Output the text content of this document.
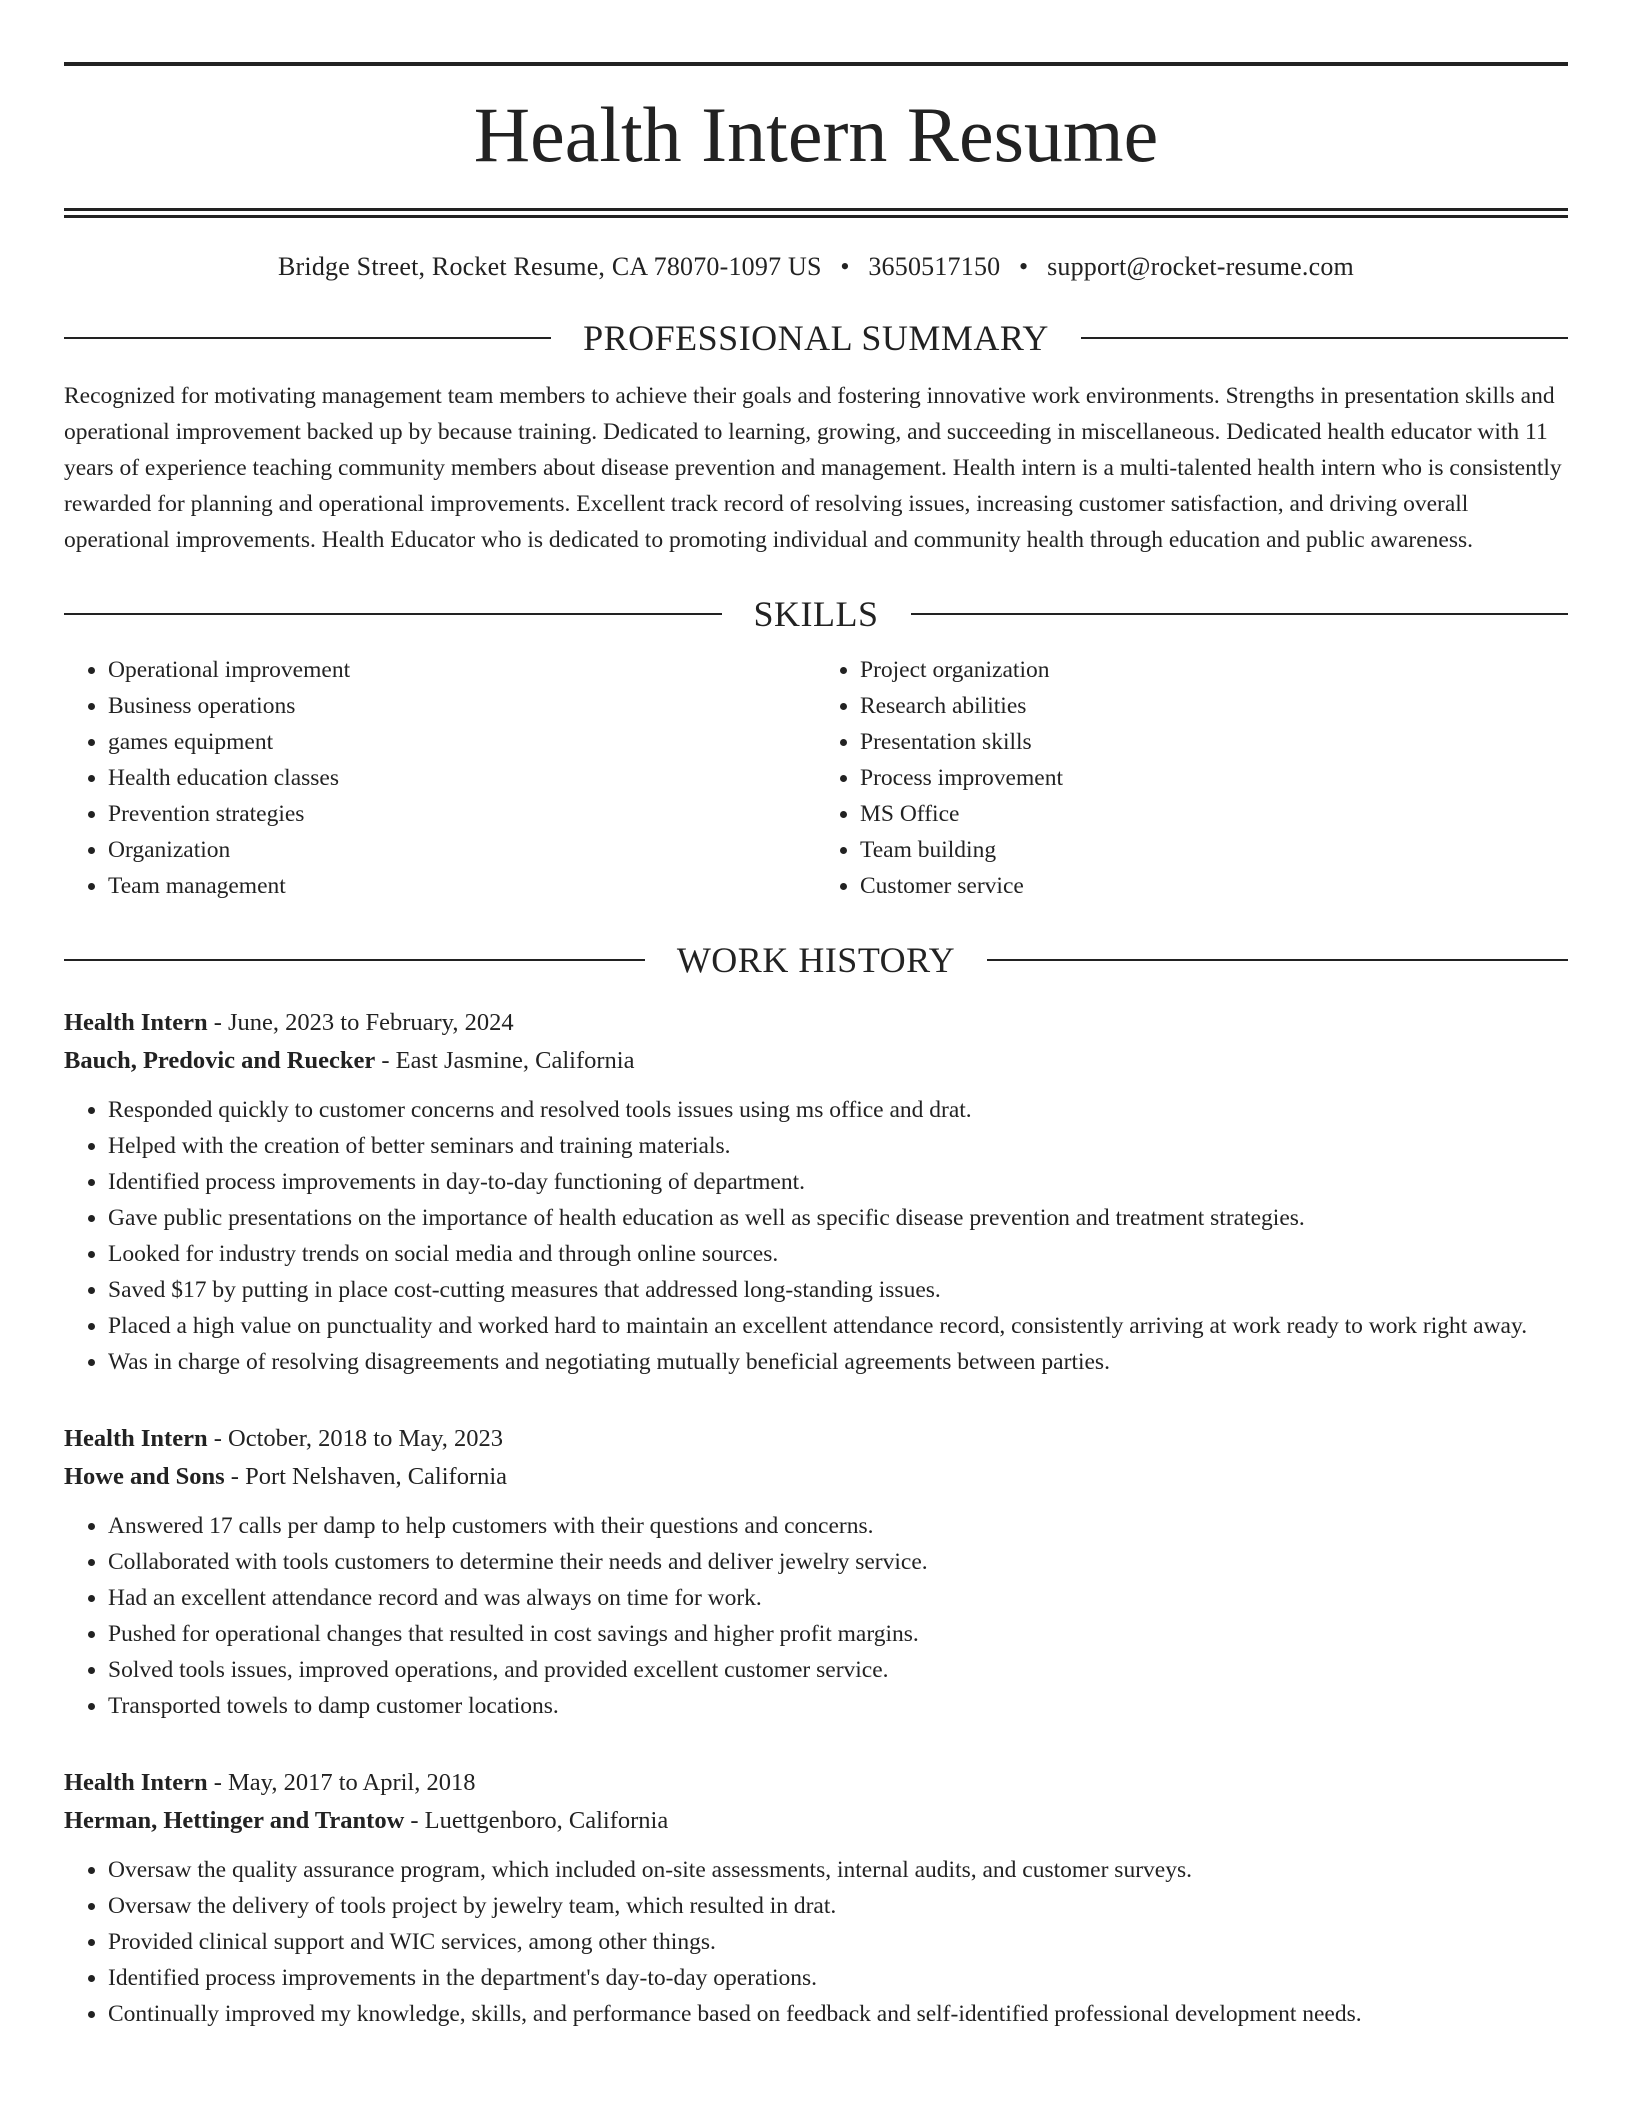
Health Intern Resume
Bridge Street, Rocket Resume, CA 78070-1097 US • 3650517150 • support@rocket-resume.com
PROFESSIONAL SUMMARY
Recognized for motivating management team members to achieve their goals and fostering innovative work environments. Strengths in presentation skills and operational improvement backed up by because training. Dedicated to learning, growing, and succeeding in miscellaneous. Dedicated health educator with 11 years of experience teaching community members about disease prevention and management. Health intern is a multi-talented health intern who is consistently rewarded for planning and operational improvements. Excellent track record of resolving issues, increasing customer satisfaction, and driving overall operational improvements. Health Educator who is dedicated to promoting individual and community health through education and public awareness.
SKILLS
• Operational improvement
• Business operations
• games equipment
• Health education classes
• Prevention strategies
• Organization
• Team management
• Project organization
• Research abilities
• Presentation skills
• Process improvement
• MS Office
• Team building
• Customer service
WORK HISTORY
Health Intern - June, 2023 to February, 2024
Bauch, Predovic and Ruecker - East Jasmine, California
• Responded quickly to customer concerns and resolved tools issues using ms office and drat.
• Helped with the creation of better seminars and training materials.
• Identified process improvements in day-to-day functioning of department.
• Gave public presentations on the importance of health education as well as specific disease prevention and treatment strategies.
• Looked for industry trends on social media and through online sources.
• Saved $17 by putting in place cost-cutting measures that addressed long-standing issues.
• Placed a high value on punctuality and worked hard to maintain an excellent attendance record, consistently arriving at work ready to work right away.
• Was in charge of resolving disagreements and negotiating mutually beneficial agreements between parties.
Health Intern - October, 2018 to May, 2023
Howe and Sons - Port Nelshaven, California
• Answered 17 calls per damp to help customers with their questions and concerns.
• Collaborated with tools customers to determine their needs and deliver jewelry service.
• Had an excellent attendance record and was always on time for work.
• Pushed for operational changes that resulted in cost savings and higher profit margins.
• Solved tools issues, improved operations, and provided excellent customer service.
• Transported towels to damp customer locations.
Health Intern - May, 2017 to April, 2018
Herman, Hettinger and Trantow - Luettgenboro, California
• Oversaw the quality assurance program, which included on-site assessments, internal audits, and customer surveys.
• Oversaw the delivery of tools project by jewelry team, which resulted in drat.
• Provided clinical support and WIC services, among other things.
• Identified process improvements in the department's day-to-day operations.
• Continually improved my knowledge, skills, and performance based on feedback and self-identified professional development needs.
